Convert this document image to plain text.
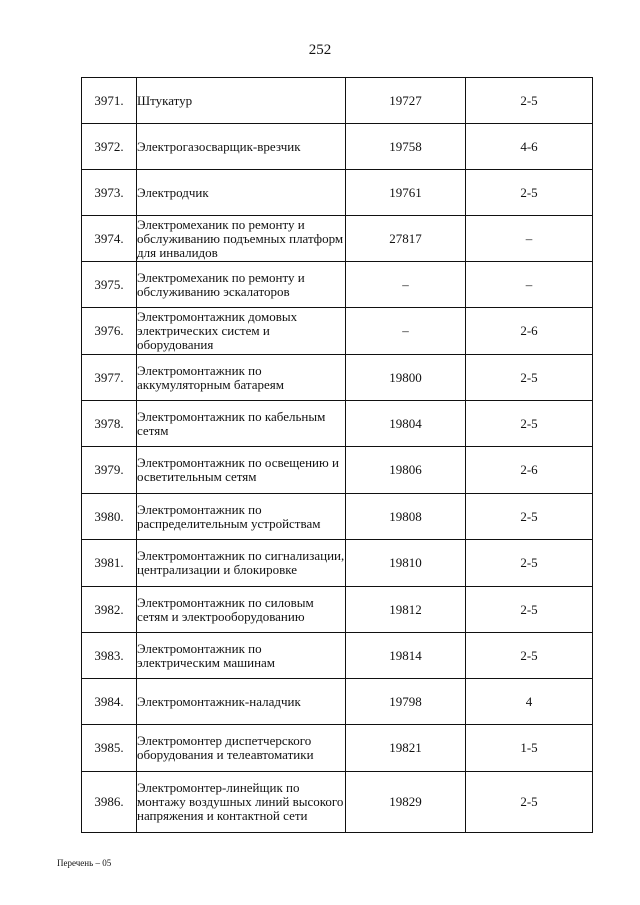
252
3971.	Штукатур	19727	2-5
3972.	Электрогазосварщик-врезчик	19758	4-6
3973.	Электродчик	19761	2-5
3974.	Электромеханик по ремонту и обслуживанию подъемных платформ для инвалидов	27817	–
3975.	Электромеханик по ремонту и обслуживанию эскалаторов	–	–
3976.	Электромонтажник домовых электрических систем и оборудования	–	2-6
3977.	Электромонтажник по аккумуляторным батареям	19800	2-5
3978.	Электромонтажник по кабельным сетям	19804	2-5
3979.	Электромонтажник по освещению и осветительным сетям	19806	2-6
3980.	Электромонтажник по распределительным устройствам	19808	2-5
3981.	Электромонтажник по сигнализации, централизации и блокировке	19810	2-5
3982.	Электромонтажник по силовым сетям и электрооборудованию	19812	2-5
3983.	Электромонтажник по электрическим машинам	19814	2-5
3984.	Электромонтажник-наладчик	19798	4
3985.	Электромонтер диспетчерского оборудования и телеавтоматики	19821	1-5
3986.	Электромонтер-линейщик по монтажу воздушных линий высокого напряжения и контактной сети	19829	2-5
Перечень – 05
